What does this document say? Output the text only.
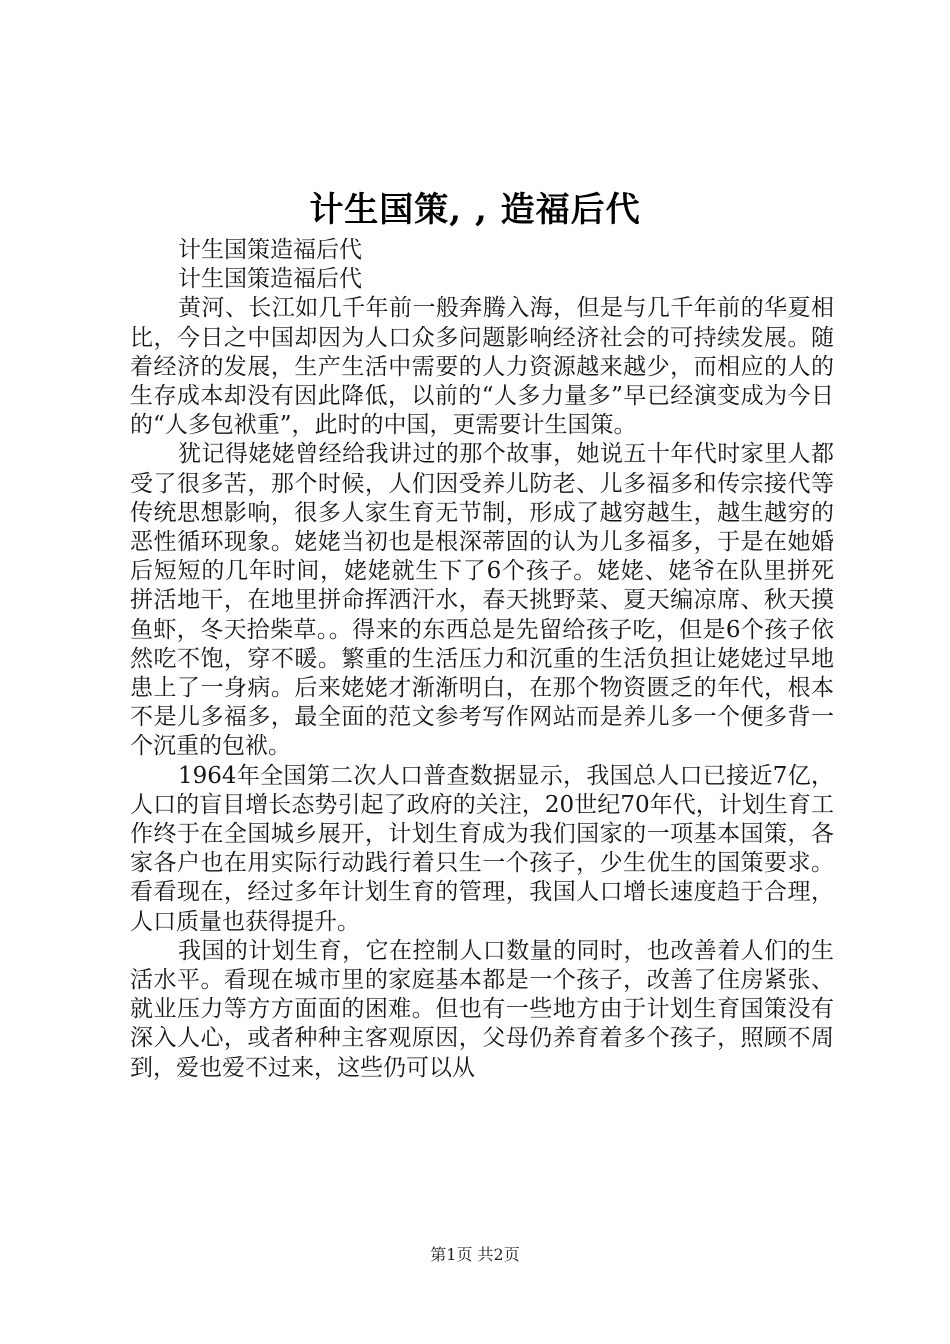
计生国策, , 造福后代

计生国策造福后代

计生国策造福后代

黄河、长江如几千年前一般奔腾入海，但是与几千年前的华夏相比，今日之中国却因为人口众多问题影响经济社会的可持续发展。随着经济的发展，生产生活中需要的人力资源越来越少，而相应的人的生存成本却没有因此降低，以前的“人多力量多”早已经演变成为今日的“人多包袱重”，此时的中国，更需要计生国策。

犹记得姥姥曾经给我讲过的那个故事，她说五十年代时家里人都受了很多苦，那个时候，人们因受养儿防老、儿多福多和传宗接代等传统思想影响，很多人家生育无节制，形成了越穷越生，越生越穷的恶性循环现象。姥姥当初也是根深蒂固的认为儿多福多，于是在她婚后短短的几年时间，姥姥就生下了6个孩子。姥姥、姥爷在队里拼死拼活地干，在地里拼命挥洒汗水，春天挑野菜、夏天编凉席、秋天摸鱼虾，冬天拾柴草。。得来的东西总是先留给孩子吃，但是6个孩子依然吃不饱，穿不暖。繁重的生活压力和沉重的生活负担让姥姥过早地患上了一身病。后来姥姥才渐渐明白，在那个物资匮乏的年代，根本不是儿多福多，最全面的范文参考写作网站而是养儿多一个便多背一个沉重的包袱。

1964年全国第二次人口普查数据显示，我国总人口已接近7亿，人口的盲目增长态势引起了政府的关注，20世纪70年代，计划生育工作终于在全国城乡展开，计划生育成为我们国家的一项基本国策，各家各户也在用实际行动践行着只生一个孩子，少生优生的国策要求。看看现在，经过多年计划生育的管理，我国人口增长速度趋于合理，人口质量也获得提升。

我国的计划生育，它在控制人口数量的同时，也改善着人们的生活水平。看现在城市里的家庭基本都是一个孩子，改善了住房紧张、就业压力等方方面面的困难。但也有一些地方由于计划生育国策没有深入人心，或者种种主客观原因，父母仍养育着多个孩子，照顾不周到，爱也爱不过来，这些仍可以从

第1页 共2页
